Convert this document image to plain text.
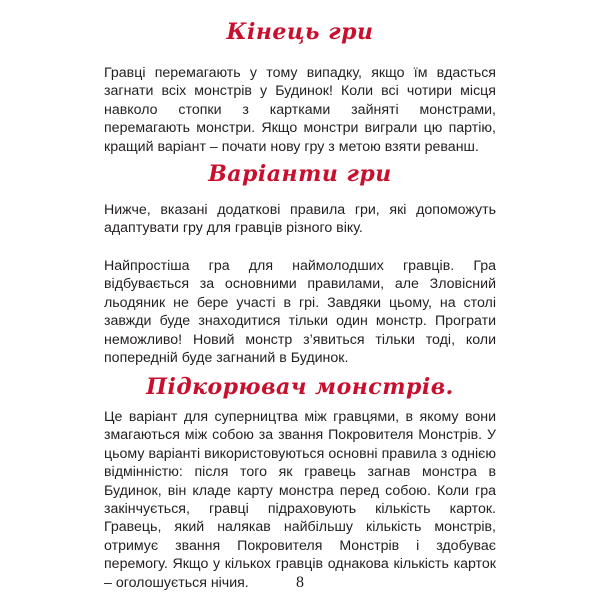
Кінець гри

Гравці перемагають у тому випадку, якщо їм вдасться загнати всіх монстрів у Будинок! Коли всі чотири місця навколо стопки з картками зайняті монстрами, перемагають монстри. Якщо монстри виграли цю партію, кращий варіант – почати нову гру з метою взяти реванш.

Варіанти гри

Нижче, вказані додаткові правила гри, які допоможуть адаптувати гру для гравців різного віку.

Найпростіша гра для наймолодших гравців. Гра відбувається за основними правилами, але Зловісний льодяник не бере участі в грі. Завдяки цьому, на столі завжди буде знаходитися тільки один монстр. Програти неможливо! Новий монстр з’явиться тільки тоді, коли попередній буде загнаний в Будинок.

Підкорювач монстрів.

Це варіант для суперництва між гравцями, в якому вони змагаються між собою за звання Покровителя Монстрів. У цьому варіанті використовуються основні правила з однією відмінністю: після того як гравець загнав монстра в Будинок, він кладе карту монстра перед собою. Коли гра закінчується, гравці підраховують кількість карток. Гравець, який налякав найбільшу кількість монстрів, отримує звання Покровителя Монстрів і здобуває перемогу. Якщо у кількох гравців однакова кількість карток – оголошується нічия.	8
